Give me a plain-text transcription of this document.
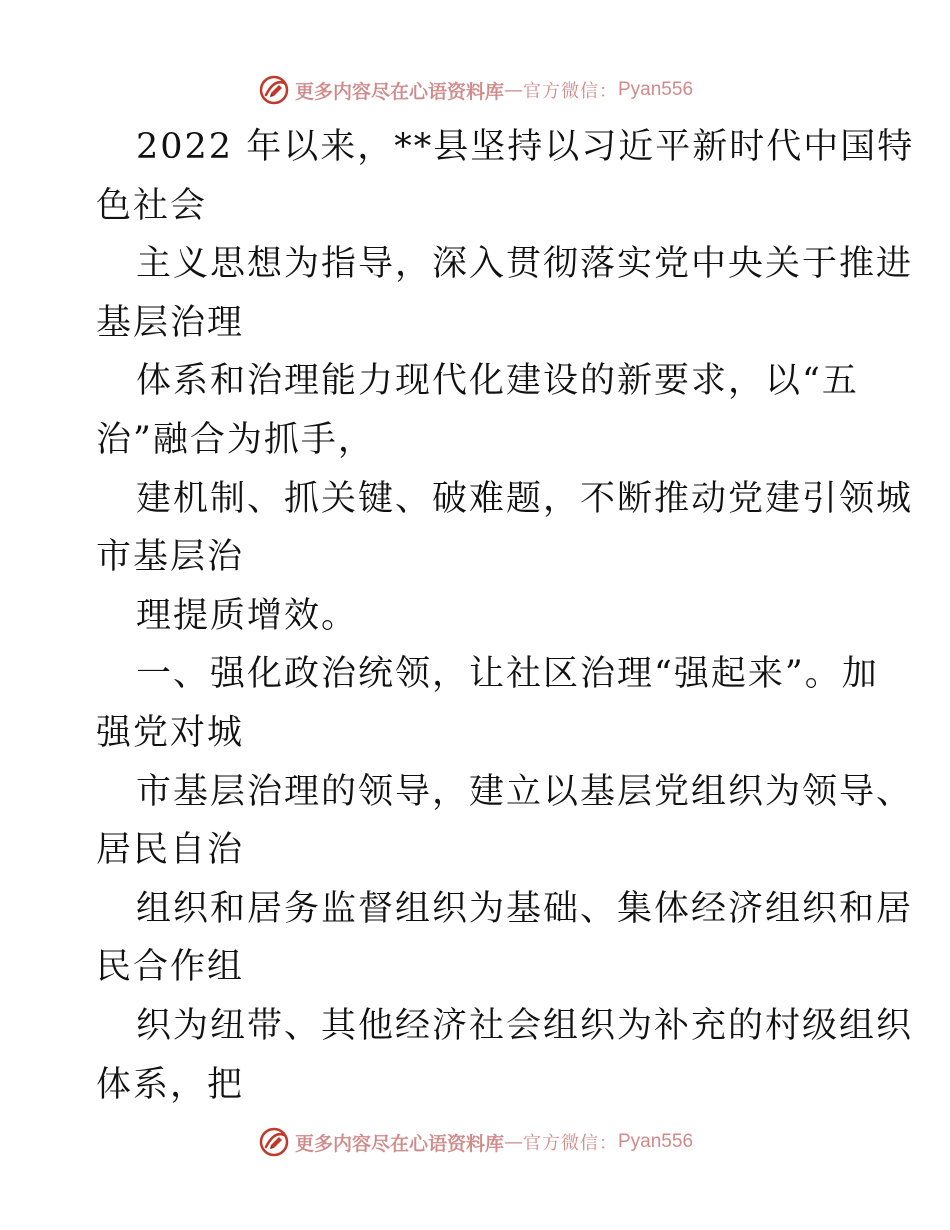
更多内容尽在心语资料库 — 官方微信： Pyan556
2022 年以来，**县坚持以习近平新时代中国特
色社会
主义思想为指导，深入贯彻落实党中央关于推进
基层治理
体系和治理能力现代化建设的新要求，以“五
治”融合为抓手，
建机制、抓关键、破难题，不断推动党建引领城
市基层治
理提质增效。
一、强化政治统领，让社区治理“强起来”。加
强党对城
市基层治理的领导，建立以基层党组织为领导、
居民自治
组织和居务监督组织为基础、集体经济组织和居
民合作组
织为纽带、其他经济社会组织为补充的村级组织
体系，把
更多内容尽在心语资料库 — 官方微信： Pyan556
